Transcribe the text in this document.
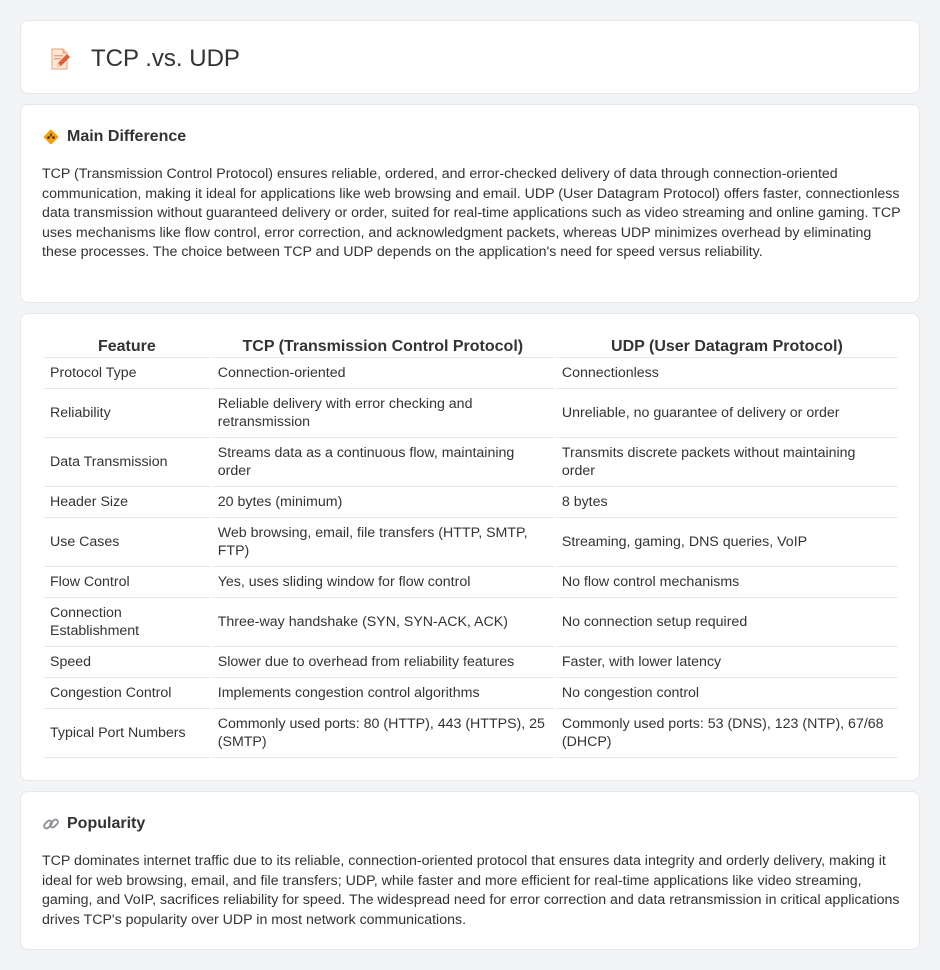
TCP .vs. UDP
Main Difference

TCP (Transmission Control Protocol) ensures reliable, ordered, and error-checked delivery of data through connection-oriented communication, making it ideal for applications like web browsing and email. UDP (User Datagram Protocol) offers faster, connectionless data transmission without guaranteed delivery or order, suited for real-time applications such as video streaming and online gaming. TCP uses mechanisms like flow control, error correction, and acknowledgment packets, whereas UDP minimizes overhead by eliminating these processes. The choice between TCP and UDP depends on the application's need for speed versus reliability.

Feature	TCP (Transmission Control Protocol)	UDP (User Datagram Protocol)
Protocol Type	Connection-oriented	Connectionless
Reliability	Reliable delivery with error checking and retransmission	Unreliable, no guarantee of delivery or order
Data Transmission	Streams data as a continuous flow, maintaining order	Transmits discrete packets without maintaining order
Header Size	20 bytes (minimum)	8 bytes
Use Cases	Web browsing, email, file transfers (HTTP, SMTP, FTP)	Streaming, gaming, DNS queries, VoIP
Flow Control	Yes, uses sliding window for flow control	No flow control mechanisms
Connection Establishment	Three-way handshake (SYN, SYN-ACK, ACK)	No connection setup required
Speed	Slower due to overhead from reliability features	Faster, with lower latency
Congestion Control	Implements congestion control algorithms	No congestion control
Typical Port Numbers	Commonly used ports: 80 (HTTP), 443 (HTTPS), 25 (SMTP)	Commonly used ports: 53 (DNS), 123 (NTP), 67/68 (DHCP)
Popularity

TCP dominates internet traffic due to its reliable, connection-oriented protocol that ensures data integrity and orderly delivery, making it ideal for web browsing, email, and file transfers; UDP, while faster and more efficient for real-time applications like video streaming, gaming, and VoIP, sacrifices reliability for speed. The widespread need for error correction and data retransmission in critical applications drives TCP's popularity over UDP in most network communications.
